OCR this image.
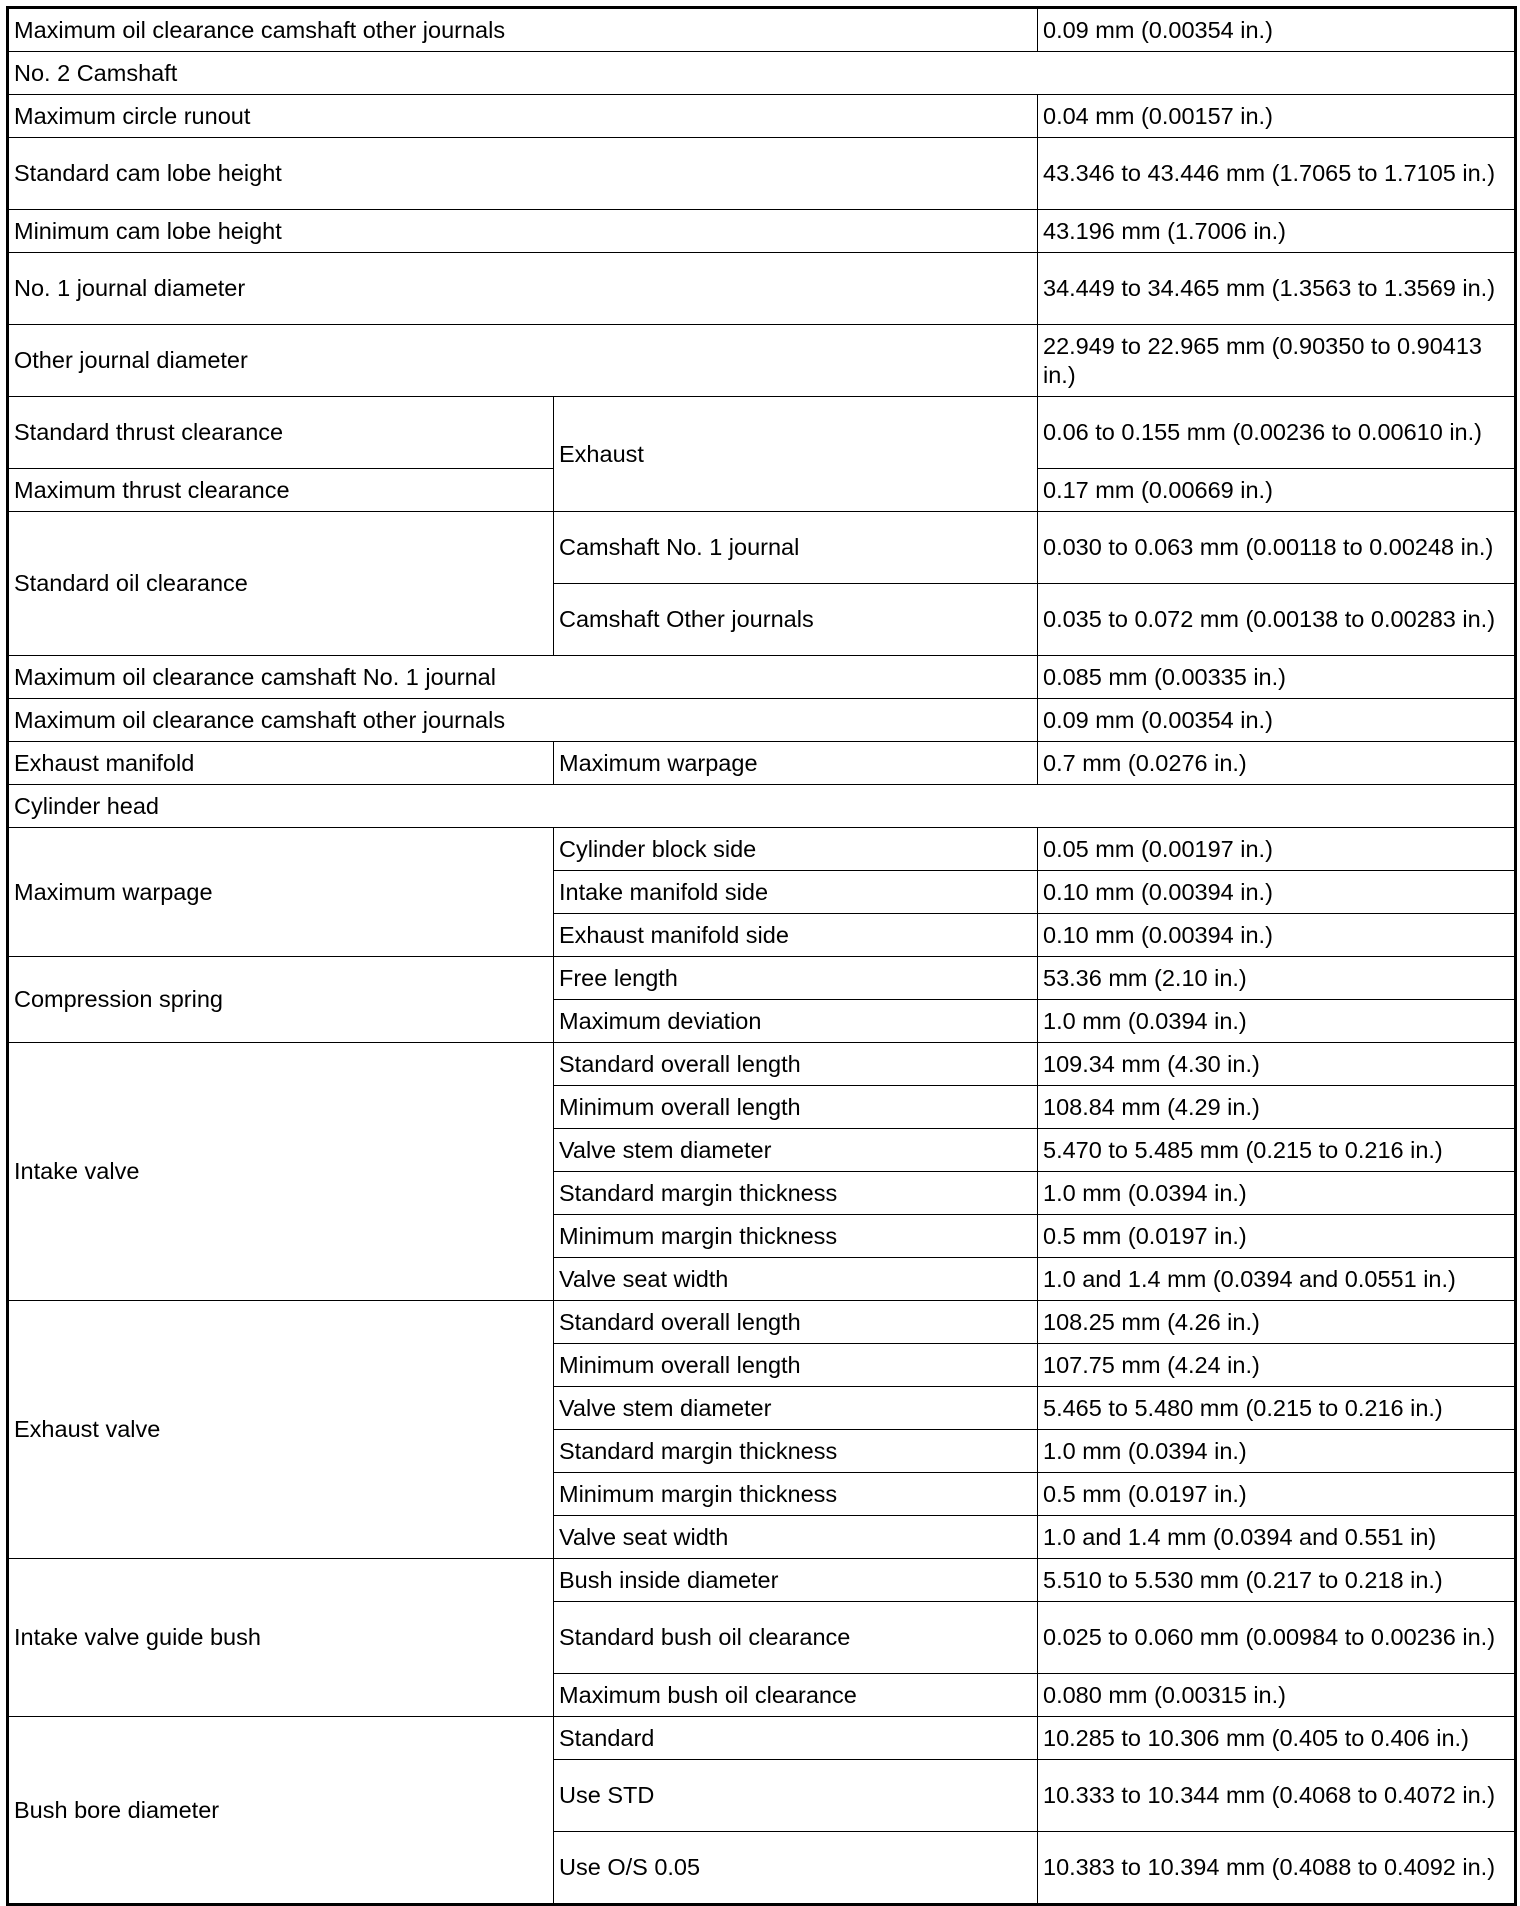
Maximum oil clearance camshaft other journals		0.09 mm (0.00354 in.)
No. 2 Camshaft		
Maximum circle runout		0.04 mm (0.00157 in.)
Standard cam lobe height		43.346 to 43.446 mm (1.7065 to 1.7105 in.)
Minimum cam lobe height		43.196 mm (1.7006 in.)
No. 1 journal diameter		34.449 to 34.465 mm (1.3563 to 1.3569 in.)
Other journal diameter		22.949 to 22.965 mm (0.90350 to 0.90413 in.)
Standard thrust clearance	Exhaust	0.06 to 0.155 mm (0.00236 to 0.00610 in.)
Maximum thrust clearance		0.17 mm (0.00669 in.)
Standard oil clearance	Camshaft No. 1 journal	0.030 to 0.063 mm (0.00118 to 0.00248 in.)
	Camshaft Other journals	0.035 to 0.072 mm (0.00138 to 0.00283 in.)
Maximum oil clearance camshaft No. 1 journal		0.085 mm (0.00335 in.)
Maximum oil clearance camshaft other journals		0.09 mm (0.00354 in.)
Exhaust manifold	Maximum warpage	0.7 mm (0.0276 in.)
Cylinder head		
Maximum warpage	Cylinder block side	0.05 mm (0.00197 in.)
	Intake manifold side	0.10 mm (0.00394 in.)
	Exhaust manifold side	0.10 mm (0.00394 in.)
Compression spring	Free length	53.36 mm (2.10 in.)
	Maximum deviation	1.0 mm (0.0394 in.)
Intake valve	Standard overall length	109.34 mm (4.30 in.)
	Minimum overall length	108.84 mm (4.29 in.)
	Valve stem diameter	5.470 to 5.485 mm (0.215 to 0.216 in.)
	Standard margin thickness	1.0 mm (0.0394 in.)
	Minimum margin thickness	0.5 mm (0.0197 in.)
	Valve seat width	1.0 and 1.4 mm (0.0394 and 0.0551 in.)
Exhaust valve	Standard overall length	108.25 mm (4.26 in.)
	Minimum overall length	107.75 mm (4.24 in.)
	Valve stem diameter	5.465 to 5.480 mm (0.215 to 0.216 in.)
	Standard margin thickness	1.0 mm (0.0394 in.)
	Minimum margin thickness	0.5 mm (0.0197 in.)
	Valve seat width	1.0 and 1.4 mm (0.0394 and 0.551 in)
Intake valve guide bush	Bush inside diameter	5.510 to 5.530 mm (0.217 to 0.218 in.)
	Standard bush oil clearance	0.025 to 0.060 mm (0.00984 to 0.00236 in.)
	Maximum bush oil clearance	0.080 mm (0.00315 in.)
Bush bore diameter	Standard	10.285 to 10.306 mm (0.405 to 0.406 in.)
	Use STD	10.333 to 10.344 mm (0.4068 to 0.4072 in.)
	Use O/S 0.05	10.383 to 10.394 mm (0.4088 to 0.4092 in.)
